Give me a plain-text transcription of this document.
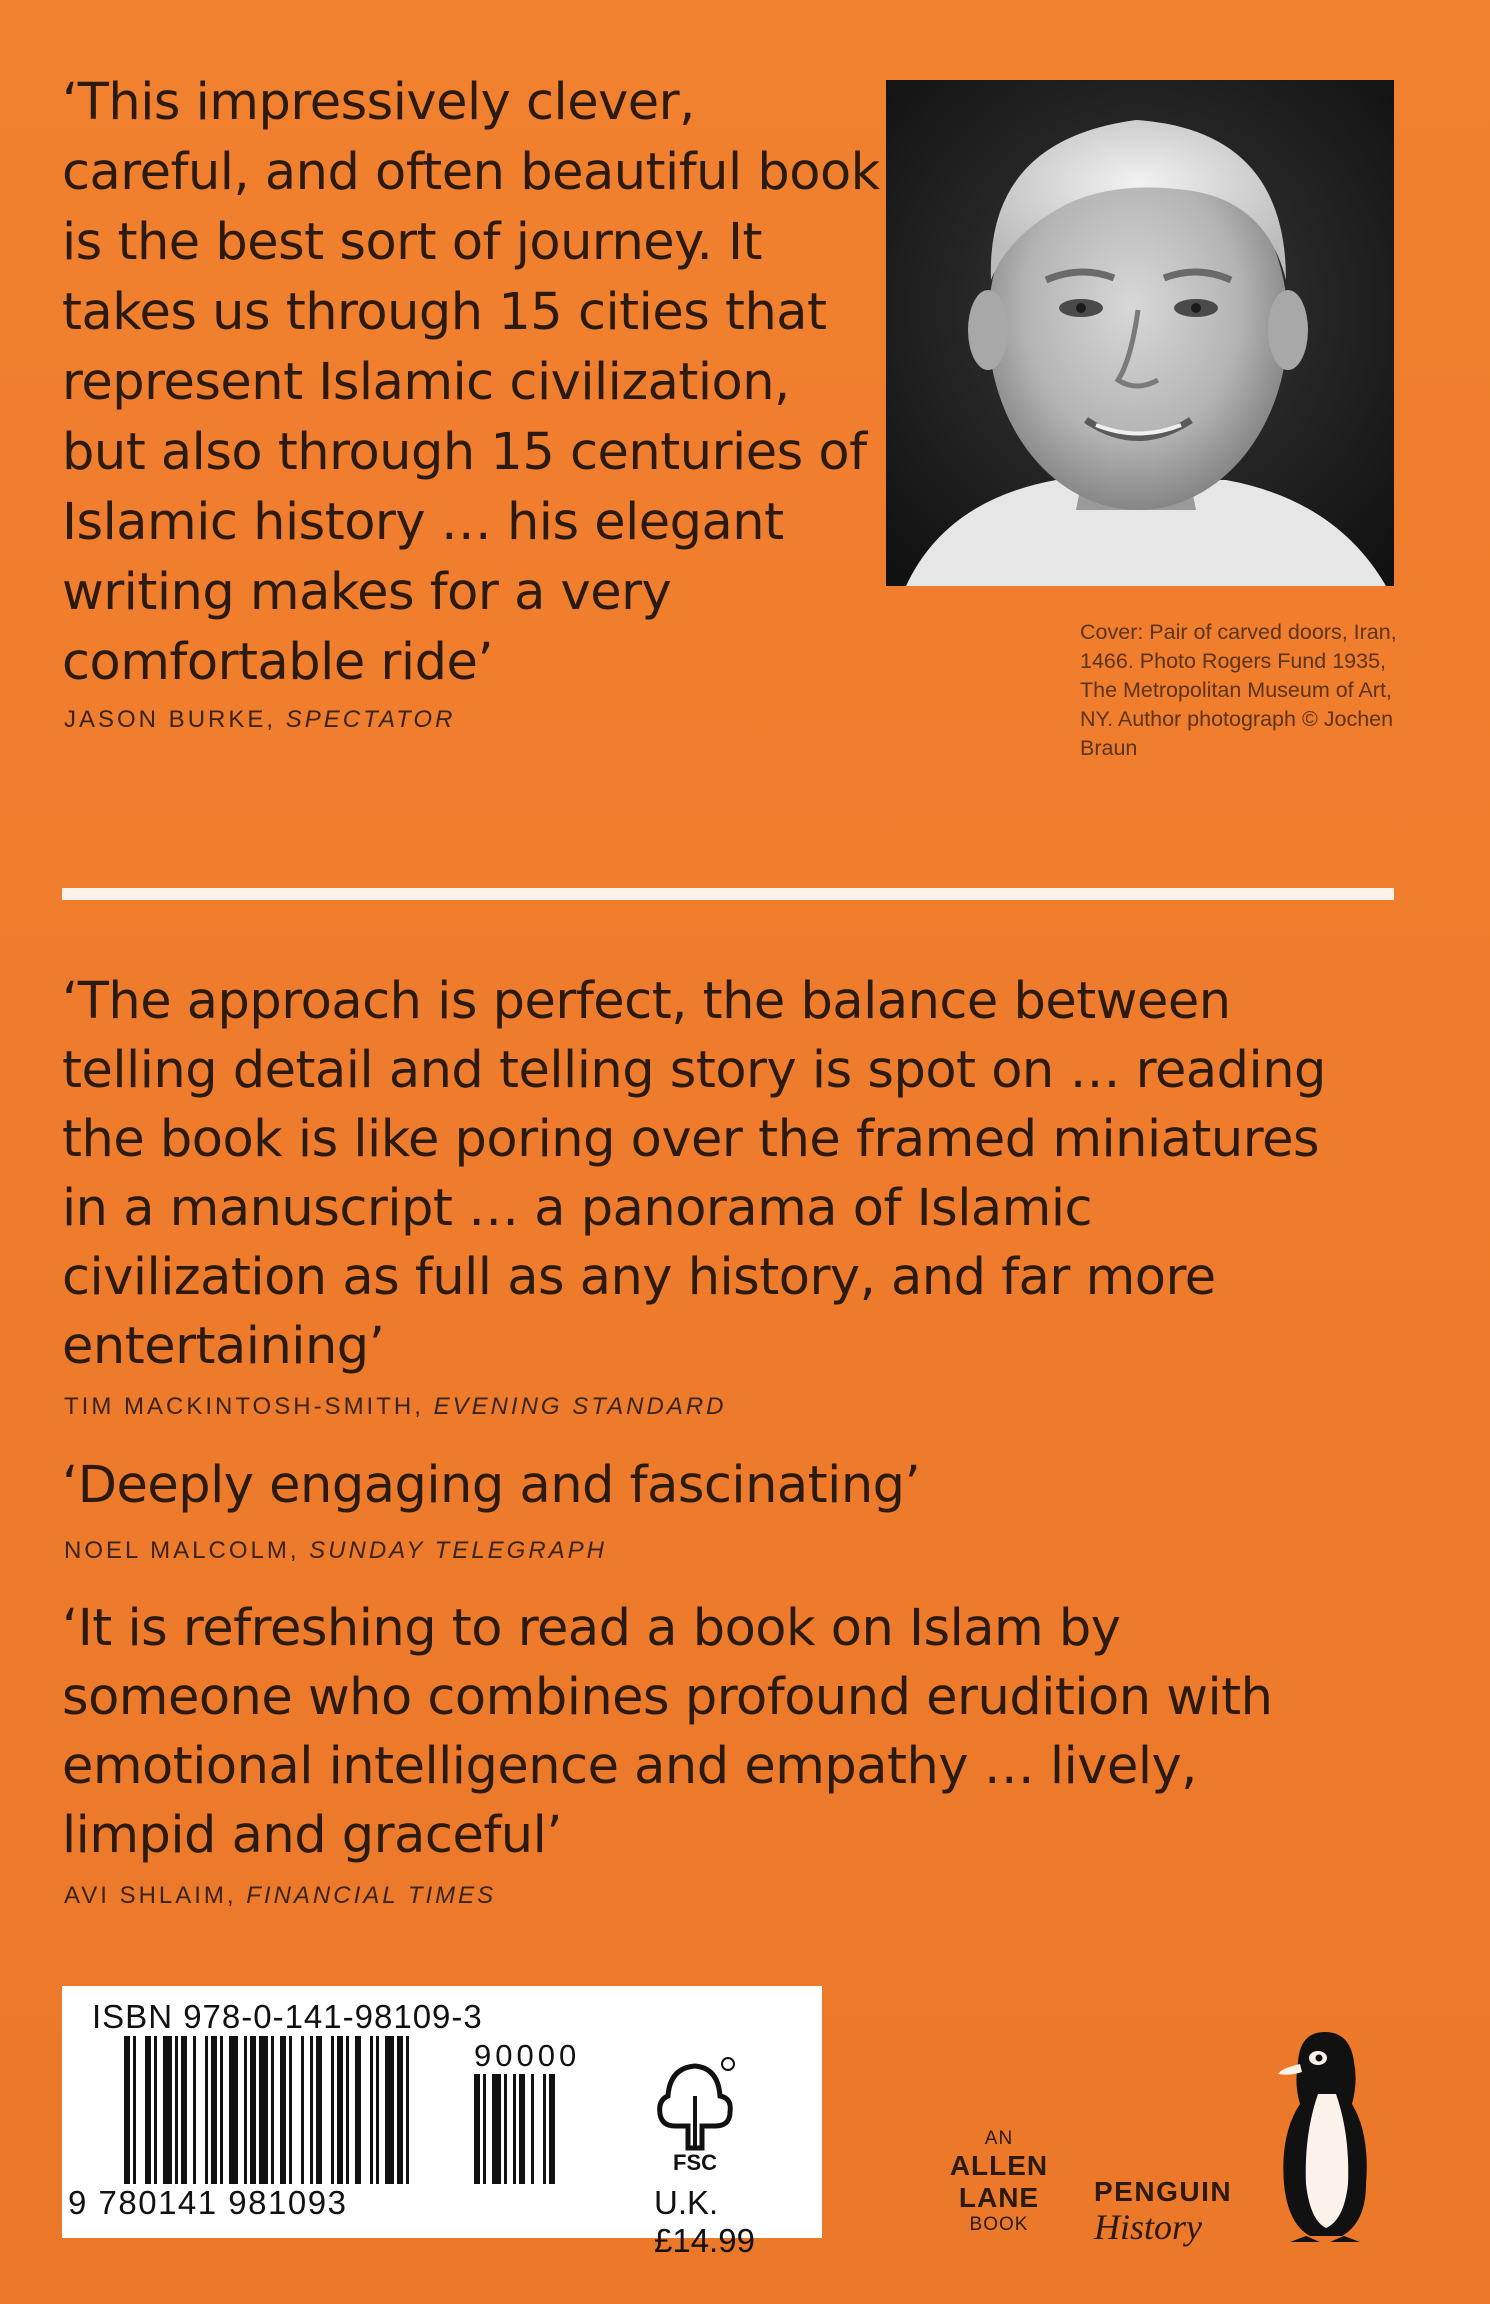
‘This impressively clever, careful, and often beautiful book is the best sort of journey. It takes us through 15 cities that represent Islamic civilization, but also through 15 centuries of Islamic history … his elegant writing makes for a very comfortable ride’
JASON BURKE, SPECTATOR
Cover: Pair of carved doors, Iran, 1466. Photo Rogers Fund 1935, The Metropolitan Museum of Art, NY. Author photograph © Jochen Braun
‘The approach is perfect, the balance between telling detail and telling story is spot on … reading the book is like poring over the framed miniatures in a manuscript … a panorama of Islamic civilization as full as any history, and far more entertaining’
TIM MACKINTOSH-SMITH, EVENING STANDARD
‘Deeply engaging and fascinating’
NOEL MALCOLM, SUNDAY TELEGRAPH
‘It is refreshing to read a book on Islam by someone who combines profound erudition with emotional intelligence and empathy … lively, limpid and graceful’
AVI SHLAIM, FINANCIAL TIMES
ISBN 978-0-141-98109-3
90000
9 780141 981093
FSC
U.K. £14.99
AN
ALLEN
LANE
BOOK
PENGUIN
History
